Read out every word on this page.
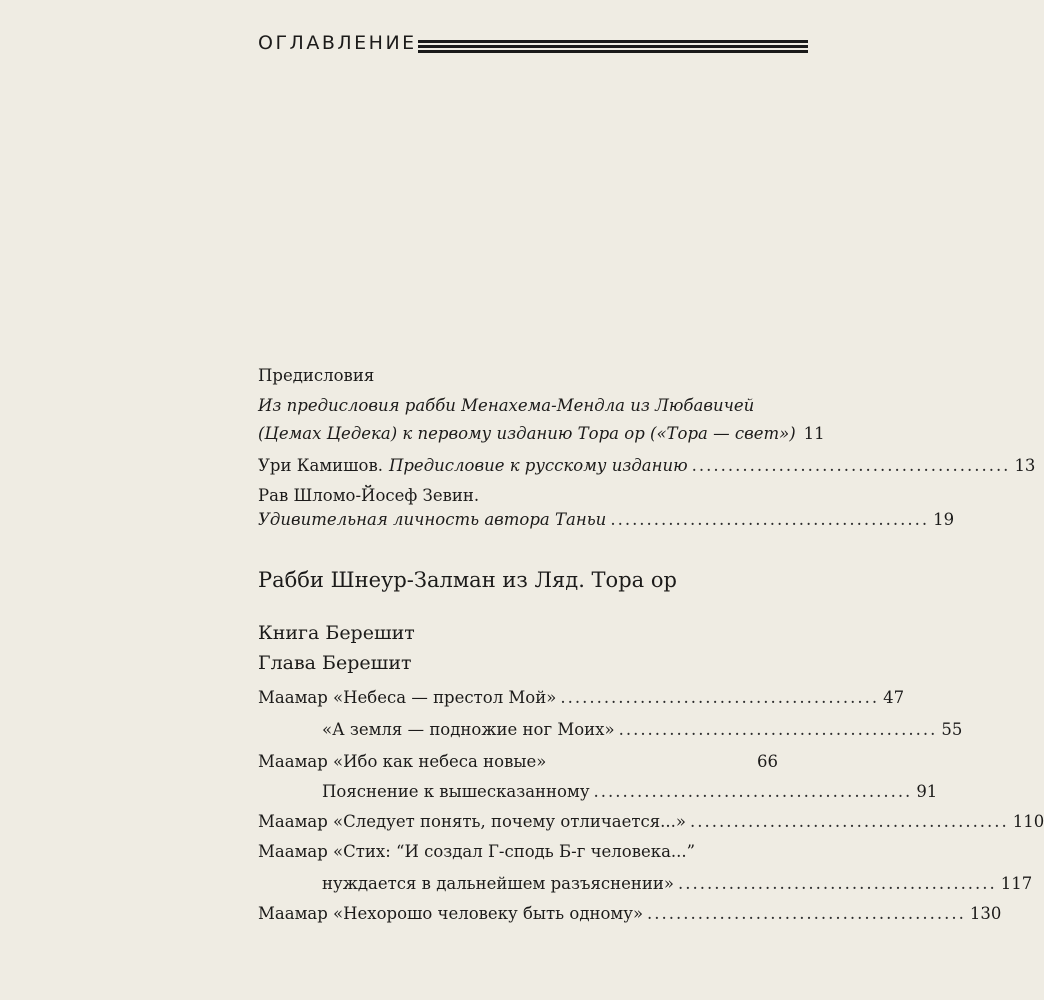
ОГЛАВЛЕНИЕ
Предисловия
Из предисловия рабби Менахема-Мендла из Любавичей
(Цемах Цедека) к первому изданию Тора ор («Тора — свет») 11
Ури Камишов. Предисловие к русскому изданию ............................................ 13
Рав Шломо-Йосеф Зевин.
Удивительная личность автора Таньи ............................................ 19
Рабби Шнеур-Залман из Ляд. Тора ор
Книга Берешит
Глава Берешит
Маамар «Небеса — престол Мой» ............................................ 47
«А земля — подножие ног Моих» ............................................ 55
Маамар «Ибо как небеса новые»	66
Пояснение к вышесказанному ............................................ 91
Маамар «Следует понять, почему отличается...» ............................................ 110
Маамар «Стих: “И создал Г-сподь Б-г человека...”
нуждается в дальнейшем разъяснении» ............................................ 117
Маамар «Нехорошо человеку быть одному» ............................................ 130
